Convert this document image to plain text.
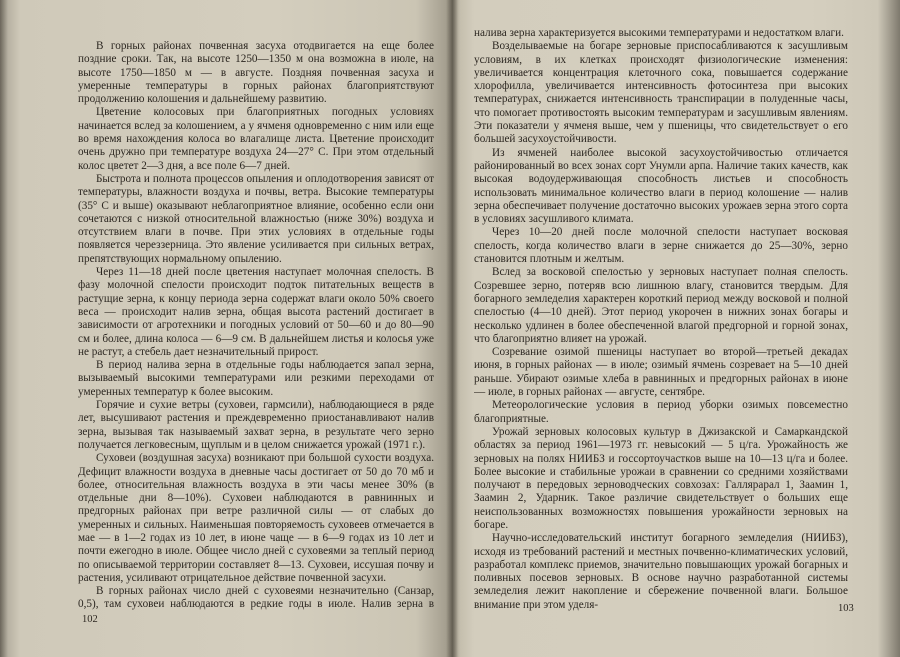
В горных районах почвенная засуха отодвигается на еще более поздние сроки. Так, на высоте 1250—1350 м она возможна в июле, на высоте 1750—1850 м — в августе. Поздняя почвенная засуха и умеренные температуры в горных районах благоприятствуют продолжению колошения и дальнейшему развитию.

Цветение колосовых при благоприятных погодных условиях начинается вслед за колошением, а у ячменя одновременно с ним или еще во время нахождения колоса во влагалище листа. Цветение происходит очень дружно при температуре воздуха 24—27° С. При этом отдельный колос цветет 2—3 дня, а все поле 6—7 дней.

Быстрота и полнота процессов опыления и оплодотворения зависят от температуры, влажности воздуха и почвы, ветра. Высокие температуры (35° С и выше) оказывают неблагоприятное влияние, особенно если они сочетаются с низкой относительной влажностью (ниже 30%) воздуха и отсутствием влаги в почве. При этих условиях в отдельные годы появляется череззерница. Это явление усиливается при сильных ветрах, препятствующих нормальному опылению.

Через 11—18 дней после цветения наступает молочная спелость. В фазу молочной спелости происходит подток питательных веществ в растущие зерна, к концу периода зерна содержат влаги около 50% своего веса — происходит налив зерна, общая высота растений достигает в зависимости от агротехники и погодных условий от 50—60 и до 80—90 см и более, длина колоса — 6—9 см. В дальнейшем листья и колосья уже не растут, а стебель дает незначительный прирост.

В период налива зерна в отдельные годы наблюдается запал зерна, вызываемый высокими температурами или резкими переходами от умеренных температур к более высоким.

Горячие и сухие ветры (суховеи, гармсили), наблюдающиеся в ряде лет, высушивают растения и преждевременно приостанавливают налив зерна, вызывая так называемый захват зерна, в результате чего зерно получается легковесным, щуплым и в целом снижается урожай (1971 г.).

Суховеи (воздушная засуха) возникают при большой сухости воздуха. Дефицит влажности воздуха в дневные часы достигает от 50 до 70 мб и более, относительная влажность воздуха в эти часы менее 30% (в отдельные дни 8—10%). Суховеи наблюдаются в равнинных и предгорных районах при ветре различной силы — от слабых до умеренных и сильных. Наименьшая повторяемость суховеев отмечается в мае — в 1—2 годах из 10 лет, в июне чаще — в 6—9 годах из 10 лет и почти ежегодно в июле. Общее число дней с суховеями за теплый период по описываемой территории составляет 8—13. Суховеи, иссушая почву и растения, усиливают отрицательное действие почвенной засухи.

В горных районах число дней с суховеями незначительно (Санзар, 0,5), там суховеи наблюдаются в редкие годы в июле. Налив зерна в

102

налива зерна характеризуется высокими температурами и недостатком влаги.

Возделываемые на богаре зерновые приспосабливаются к засушливым условиям, в их клетках происходят физиологические изменения: увеличивается концентрация клеточного сока, повышается содержание хлорофилла, увеличивается интенсивность фотосинтеза при высоких температурах, снижается интенсивность транспирации в полуденные часы, что помогает противостоять высоким температурам и засушливым явлениям. Эти показатели у ячменя выше, чем у пшеницы, что свидетельствует о его большей засухоустойчивости.

Из ячменей наиболее высокой засухоустойчивостью отличается районированный во всех зонах сорт Унумли арпа. Наличие таких качеств, как высокая водоудерживающая способность листьев и способность использовать минимальное количество влаги в период колошение — налив зерна обеспечивает получение достаточно высоких урожаев зерна этого сорта в условиях засушливого климата.

Через 10—20 дней после молочной спелости наступает восковая спелость, когда количество влаги в зерне снижается до 25—30%, зерно становится плотным и желтым.

Вслед за восковой спелостью у зерновых наступает полная спелость. Созревшее зерно, потеряв всю лишнюю влагу, становится твердым. Для богарного земледелия характерен короткий период между восковой и полной спелостью (4—10 дней). Этот период укорочен в нижних зонах богары и несколько удлинен в более обеспеченной влагой предгорной и горной зонах, что благоприятно влияет на урожай.

Созревание озимой пшеницы наступает во второй—третьей декадах июня, в горных районах — в июле; озимый ячмень созревает на 5—10 дней раньше. Убирают озимые хлеба в равнинных и предгорных районах в июне — июле, в горных районах — августе, сентябре.

Метеорологические условия в период уборки озимых повсеместно благоприятные.

Урожай зерновых колосовых культур в Джизакской и Самаркандской областях за период 1961—1973 гг. невысокий — 5 ц/га. Урожайность же зерновых на полях НИИБЗ и госсортоучастков выше на 10—13 ц/га и более. Более высокие и стабильные урожаи в сравнении со средними хозяйствами получают в передовых зерноводческих совхозах: Галлярарал 1, Заамин 1, Заамин 2, Ударник. Такое различие свидетельствует о больших еще неиспользованных возможностях повышения урожайности зерновых на богаре.

Научно-исследовательский институт богарного земледелия (НИИБЗ), исходя из требований растений и местных почвенно-климатических условий, разработал комплекс приемов, значительно повышающих урожай богарных и поливных посевов зерновых. В основе научно разработанной системы земледелия лежит накопление и сбережение почвенной влаги. Большое внимание при этом уделя-	103
